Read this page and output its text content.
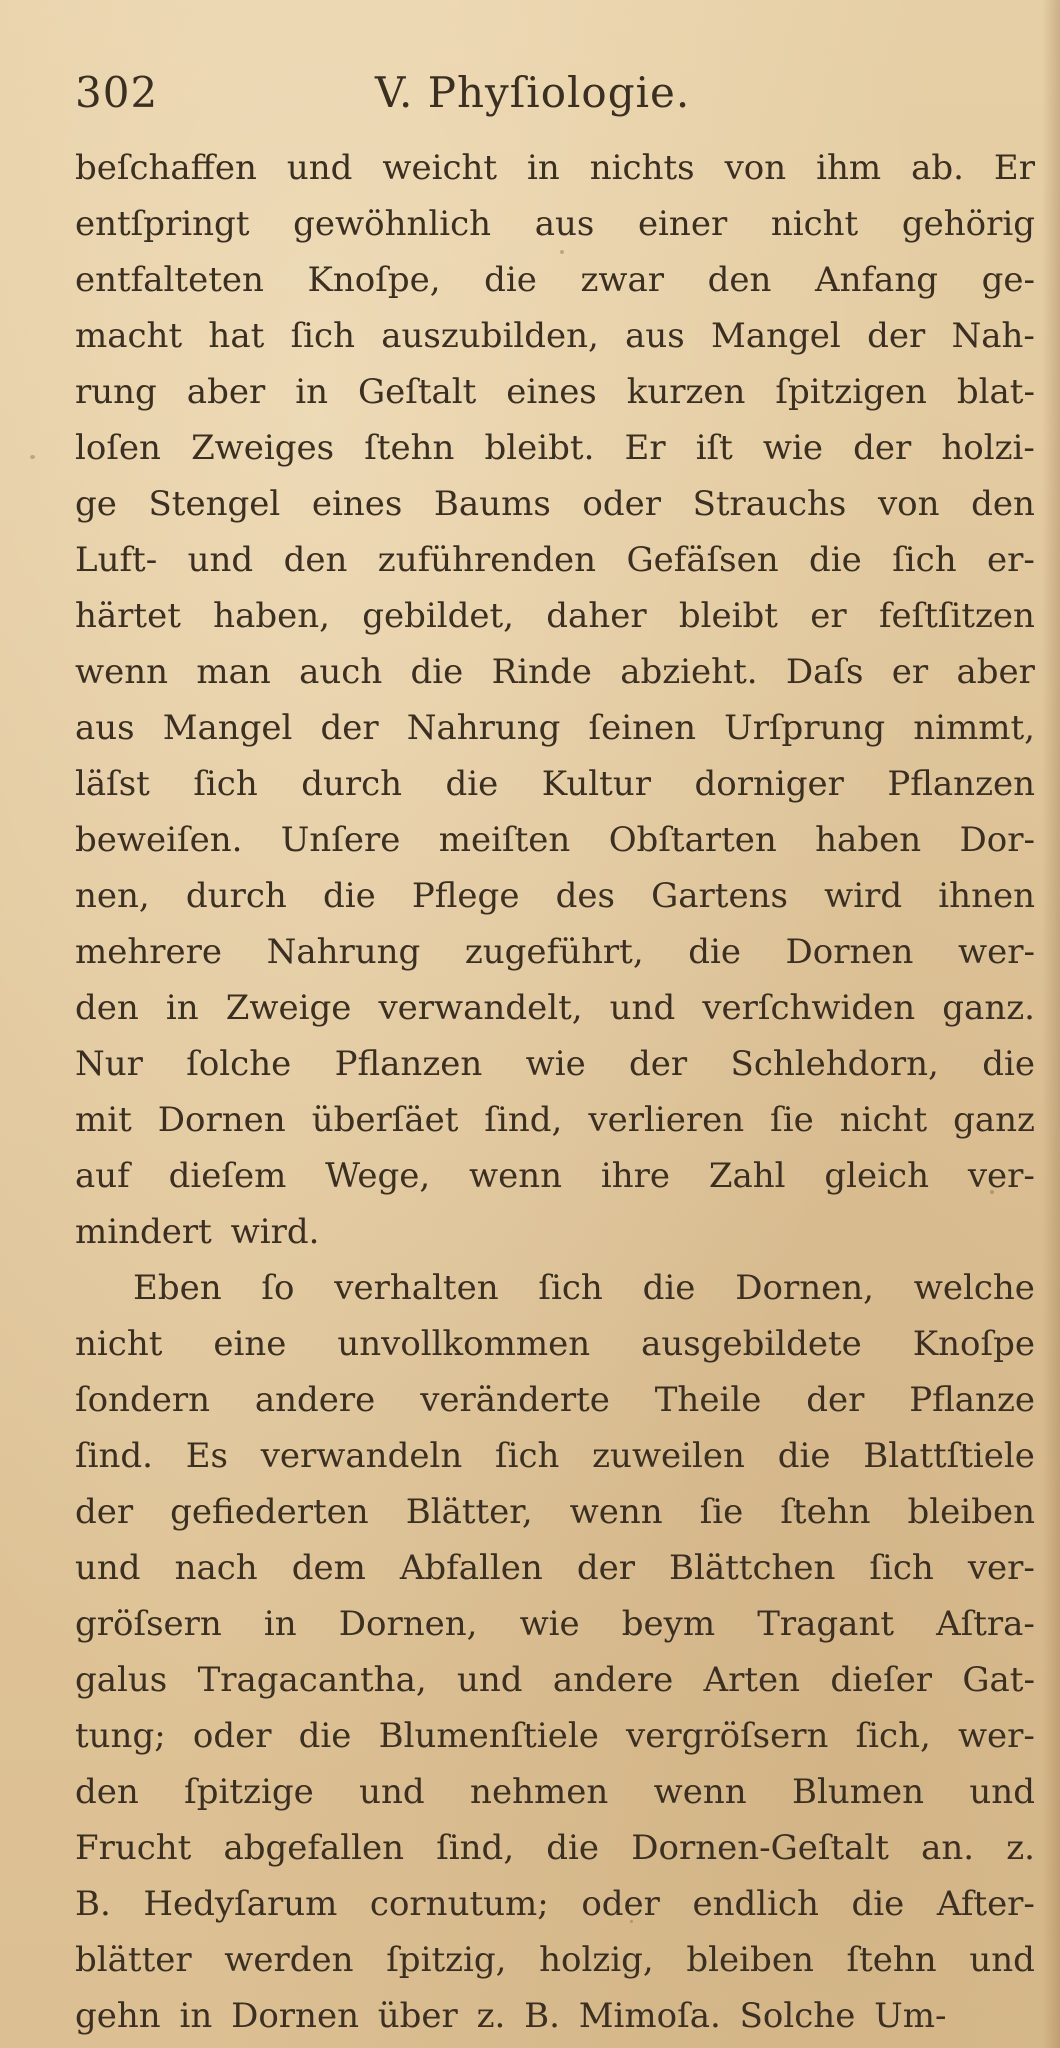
302	V. Phyſiologie.
beſchaffen und weicht in nichts von ihm ab. Er
entſpringt gewöhnlich aus einer nicht gehörig
entfalteten Knoſpe, die zwar den Anfang ge-
macht hat ſich auszubilden, aus Mangel der Nah-
rung aber in Geſtalt eines kurzen ſpitzigen blat-
loſen Zweiges ſtehn bleibt. Er iſt wie der holzi-
ge Stengel eines Baums oder Strauchs von den
Luft- und den zuführenden Gefäſsen die ſich er-
härtet haben, gebildet, daher bleibt er feſtſitzen
wenn man auch die Rinde abzieht. Daſs er aber
aus Mangel der Nahrung ſeinen Urſprung nimmt,
läſst ſich durch die Kultur dorniger Pflanzen
beweiſen. Unſere meiſten Obſtarten haben Dor-
nen, durch die Pflege des Gartens wird ihnen
mehrere Nahrung zugeführt, die Dornen wer-
den in Zweige verwandelt, und verſchwiden ganz.
Nur ſolche Pflanzen wie der Schlehdorn, die
mit Dornen überſäet ſind, verlieren ſie nicht ganz
auf dieſem Wege, wenn ihre Zahl gleich ver-
mindert wird.
Eben ſo verhalten ſich die Dornen, welche
nicht eine unvollkommen ausgebildete Knoſpe
ſondern andere veränderte Theile der Pflanze
ſind. Es verwandeln ſich zuweilen die Blattſtiele
der gefiederten Blätter, wenn ſie ſtehn bleiben
und nach dem Abfallen der Blättchen ſich ver-
gröſsern in Dornen, wie beym Tragant Aſtra-
galus Tragacantha, und andere Arten dieſer Gat-
tung; oder die Blumenſtiele vergröſsern ſich, wer-
den ſpitzige und nehmen wenn Blumen und
Frucht abgefallen ſind, die Dornen-Geſtalt an. z.
B. Hedyſarum cornutum; oder endlich die After-
blätter werden ſpitzig, holzig, bleiben ſtehn und
gehn in Dornen über z. B. Mimoſa. Solche Um-
